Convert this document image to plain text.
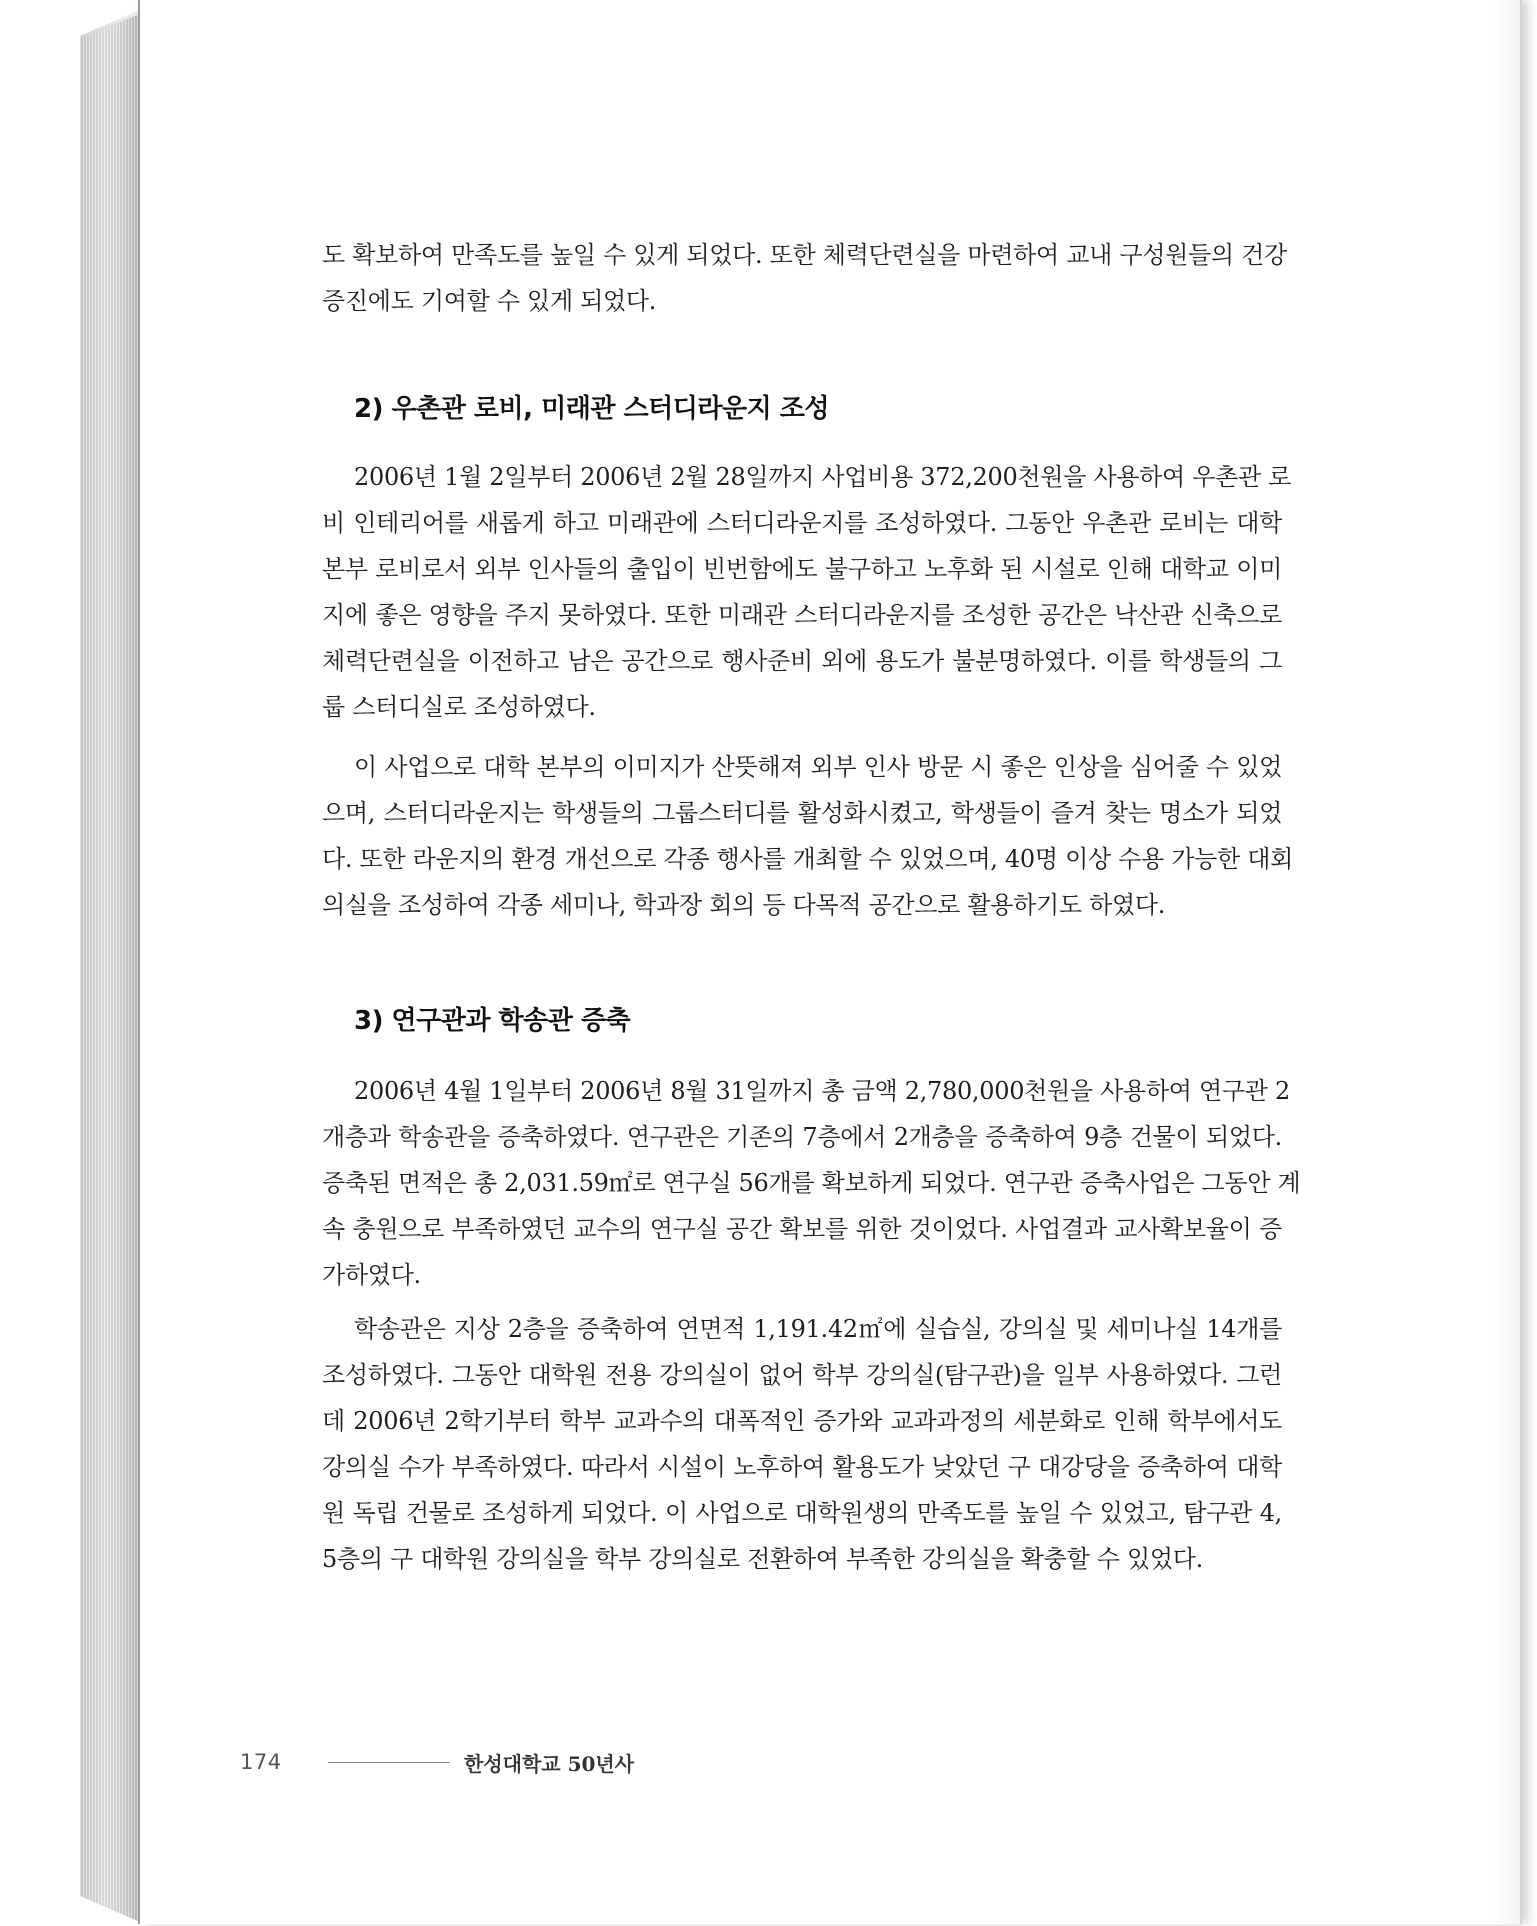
도 확보하여 만족도를 높일 수 있게 되었다. 또한 체력단련실을 마련하여 교내 구성원들의 건강
증진에도 기여할 수 있게 되었다.
2) 우촌관 로비, 미래관 스터디라운지 조성
2006년 1월 2일부터 2006년 2월 28일까지 사업비용 372,200천원을 사용하여 우촌관 로
비 인테리어를 새롭게 하고 미래관에 스터디라운지를 조성하였다. 그동안 우촌관 로비는 대학
본부 로비로서 외부 인사들의 출입이 빈번함에도 불구하고 노후화 된 시설로 인해 대학교 이미
지에 좋은 영향을 주지 못하였다. 또한 미래관 스터디라운지를 조성한 공간은 낙산관 신축으로
체력단련실을 이전하고 남은 공간으로 행사준비 외에 용도가 불분명하였다. 이를 학생들의 그
룹 스터디실로 조성하였다.
이 사업으로 대학 본부의 이미지가 산뜻해져 외부 인사 방문 시 좋은 인상을 심어줄 수 있었
으며, 스터디라운지는 학생들의 그룹스터디를 활성화시켰고, 학생들이 즐겨 찾는 명소가 되었
다. 또한 라운지의 환경 개선으로 각종 행사를 개최할 수 있었으며, 40명 이상 수용 가능한 대회
의실을 조성하여 각종 세미나, 학과장 회의 등 다목적 공간으로 활용하기도 하였다.
3) 연구관과 학송관 증축
2006년 4월 1일부터 2006년 8월 31일까지 총 금액 2,780,000천원을 사용하여 연구관 2
개층과 학송관을 증축하였다. 연구관은 기존의 7층에서 2개층을 증축하여 9층 건물이 되었다.
증축된 면적은 총 2,031.59㎡로 연구실 56개를 확보하게 되었다. 연구관 증축사업은 그동안 계
속 충원으로 부족하였던 교수의 연구실 공간 확보를 위한 것이었다. 사업결과 교사확보율이 증
가하였다.
학송관은 지상 2층을 증축하여 연면적 1,191.42㎡에 실습실, 강의실 및 세미나실 14개를
조성하였다. 그동안 대학원 전용 강의실이 없어 학부 강의실(탐구관)을 일부 사용하였다. 그런
데 2006년 2학기부터 학부 교과수의 대폭적인 증가와 교과과정의 세분화로 인해 학부에서도
강의실 수가 부족하였다. 따라서 시설이 노후하여 활용도가 낮았던 구 대강당을 증축하여 대학
원 독립 건물로 조성하게 되었다. 이 사업으로 대학원생의 만족도를 높일 수 있었고, 탐구관 4,
5층의 구 대학원 강의실을 학부 강의실로 전환하여 부족한 강의실을 확충할 수 있었다.
174	한성대학교 50년사
